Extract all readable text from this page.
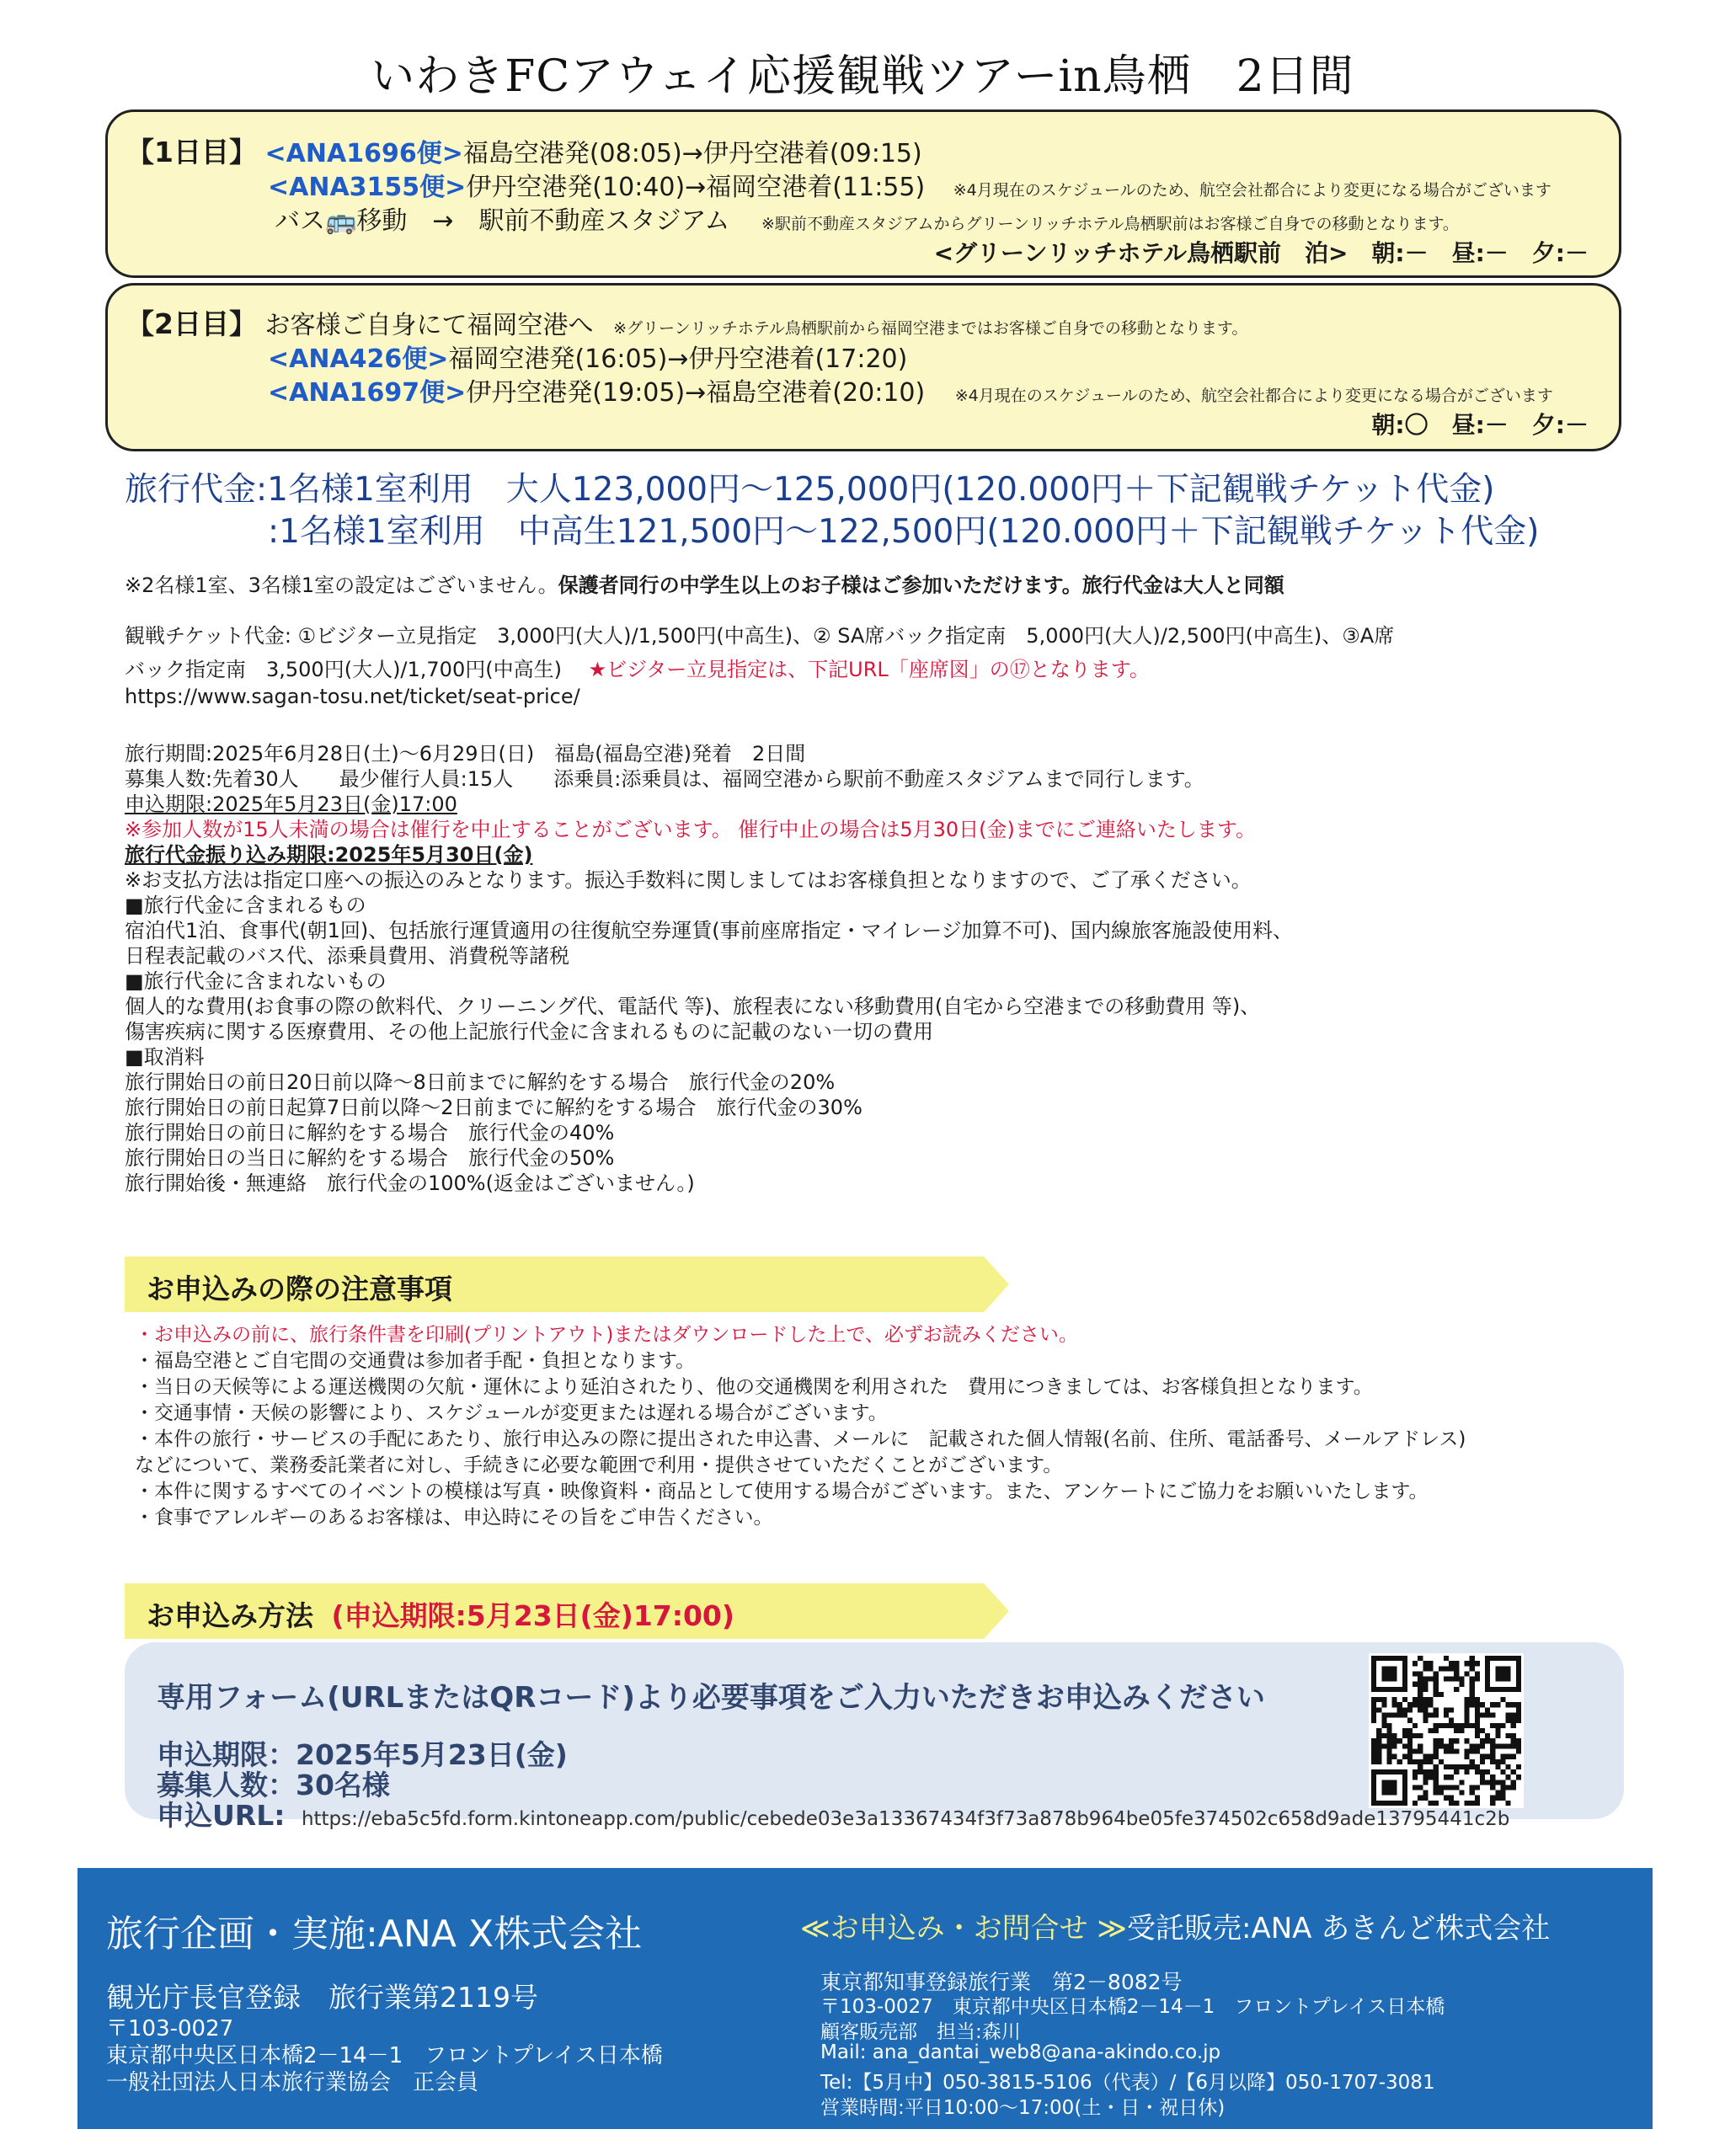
いわきFCアウェイ応援観戦ツアーin鳥栖　2日間
【1日目】 <ANA1696便>福島空港発(08:05)→伊丹空港着(09:15)
<ANA3155便>伊丹空港発(10:40)→福岡空港着(11:55) ※4月現在のスケジュールのため、航空会社都合により変更になる場合がございます
バス🚌移動　→　駅前不動産スタジアム ※駅前不動産スタジアムからグリーンリッチホテル鳥栖駅前はお客様ご自身での移動となります。
<グリーンリッチホテル鳥栖駅前　泊>　朝:－　昼:－　夕:－
【2日目】 お客様ご自身にて福岡空港へ ※グリーンリッチホテル鳥栖駅前から福岡空港まではお客様ご自身での移動となります。
<ANA426便>福岡空港発(16:05)→伊丹空港着(17:20)
<ANA1697便>伊丹空港発(19:05)→福島空港着(20:10) ※4月現在のスケジュールのため、航空会社都合により変更になる場合がございます
朝:〇　昼:－　夕:－
旅行代金:1名様1室利用　大人123,000円～125,000円(120.000円＋下記観戦チケット代金)
:1名様1室利用　中高生121,500円～122,500円(120.000円＋下記観戦チケット代金)
※2名様1室、3名様1室の設定はございません。保護者同行の中学生以上のお子様はご参加いただけます。旅行代金は大人と同額
観戦チケット代金: ①ビジター立見指定　3,000円(大人)/1,500円(中高生)、② SA席バック指定南　5,000円(大人)/2,500円(中高生)、③A席
バック指定南　3,500円(大人)/1,700円(中高生) ★ビジター立見指定は、下記URL「座席図」の⑰となります。
https://www.sagan-tosu.net/ticket/seat-price/
旅行期間:2025年6月28日(土)～6月29日(日)　福島(福島空港)発着　2日間
募集人数:先着30人　　最少催行人員:15人　　添乗員:添乗員は、福岡空港から駅前不動産スタジアムまで同行します。
申込期限:2025年5月23日(金)17:00
※参加人数が15人未満の場合は催行を中止することがございます。 催行中止の場合は5月30日(金)までにご連絡いたします。
旅行代金振り込み期限:2025年5月30日(金)
※お支払方法は指定口座への振込のみとなります。振込手数料に関しましてはお客様負担となりますので、ご了承ください。
■旅行代金に含まれるもの
宿泊代1泊、食事代(朝1回)、包括旅行運賃適用の往復航空券運賃(事前座席指定・マイレージ加算不可)、国内線旅客施設使用料、
日程表記載のバス代、添乗員費用、消費税等諸税
■旅行代金に含まれないもの
個人的な費用(お食事の際の飲料代、クリーニング代、電話代 等)、旅程表にない移動費用(自宅から空港までの移動費用 等)、
傷害疾病に関する医療費用、その他上記旅行代金に含まれるものに記載のない一切の費用
■取消料
旅行開始日の前日20日前以降～8日前までに解約をする場合　旅行代金の20%
旅行開始日の前日起算7日前以降～2日前までに解約をする場合　旅行代金の30%
旅行開始日の前日に解約をする場合　旅行代金の40%
旅行開始日の当日に解約をする場合　旅行代金の50%
旅行開始後・無連絡　旅行代金の100%(返金はございません。)
お申込みの際の注意事項
・お申込みの前に、旅行条件書を印刷(プリントアウト)またはダウンロードした上で、必ずお読みください。
・福島空港とご自宅間の交通費は参加者手配・負担となります。
・当日の天候等による運送機関の欠航・運休により延泊されたり、他の交通機関を利用された　費用につきましては、お客様負担となります。
・交通事情・天候の影響により、スケジュールが変更または遅れる場合がございます。
・本件の旅行・サービスの手配にあたり、旅行申込みの際に提出された申込書、メールに　記載された個人情報(名前、住所、電話番号、メールアドレス)
などについて、業務委託業者に対し、手続きに必要な範囲で利用・提供させていただくことがございます。
・本件に関するすべてのイベントの模様は写真・映像資料・商品として使用する場合がございます。また、アンケートにご協力をお願いいたします。
・食事でアレルギーのあるお客様は、申込時にその旨をご申告ください。
お申込み方法 (申込期限:5月23日(金)17:00)
専用フォーム(URLまたはQRコード)より必要事項をご入力いただきお申込みください
申込期限：2025年5月23日(金)
募集人数：30名様
申込URL: https://eba5c5fd.form.kintoneapp.com/public/cebede03e3a13367434f3f73a878b964be05fe374502c658d9ade13795441c2b
旅行企画・実施:ANA X株式会社
観光庁長官登録　旅行業第2119号
〒103-0027
東京都中央区日本橋2－14－1　フロントプレイス日本橋
一般社団法人日本旅行業協会　正会員
≪お申込み・お問合せ ≫受託販売:ANA あきんど株式会社
東京都知事登録旅行業　第2－8082号
〒103-0027　東京都中央区日本橋2－14－1　フロントプレイス日本橋
顧客販売部　担当:森川
Mail: ana_dantai_web8@ana-akindo.co.jp
Tel:【5月中】050-3815-5106（代表）/【6月以降】050-1707-3081
営業時間:平日10:00～17:00(土・日・祝日休)
